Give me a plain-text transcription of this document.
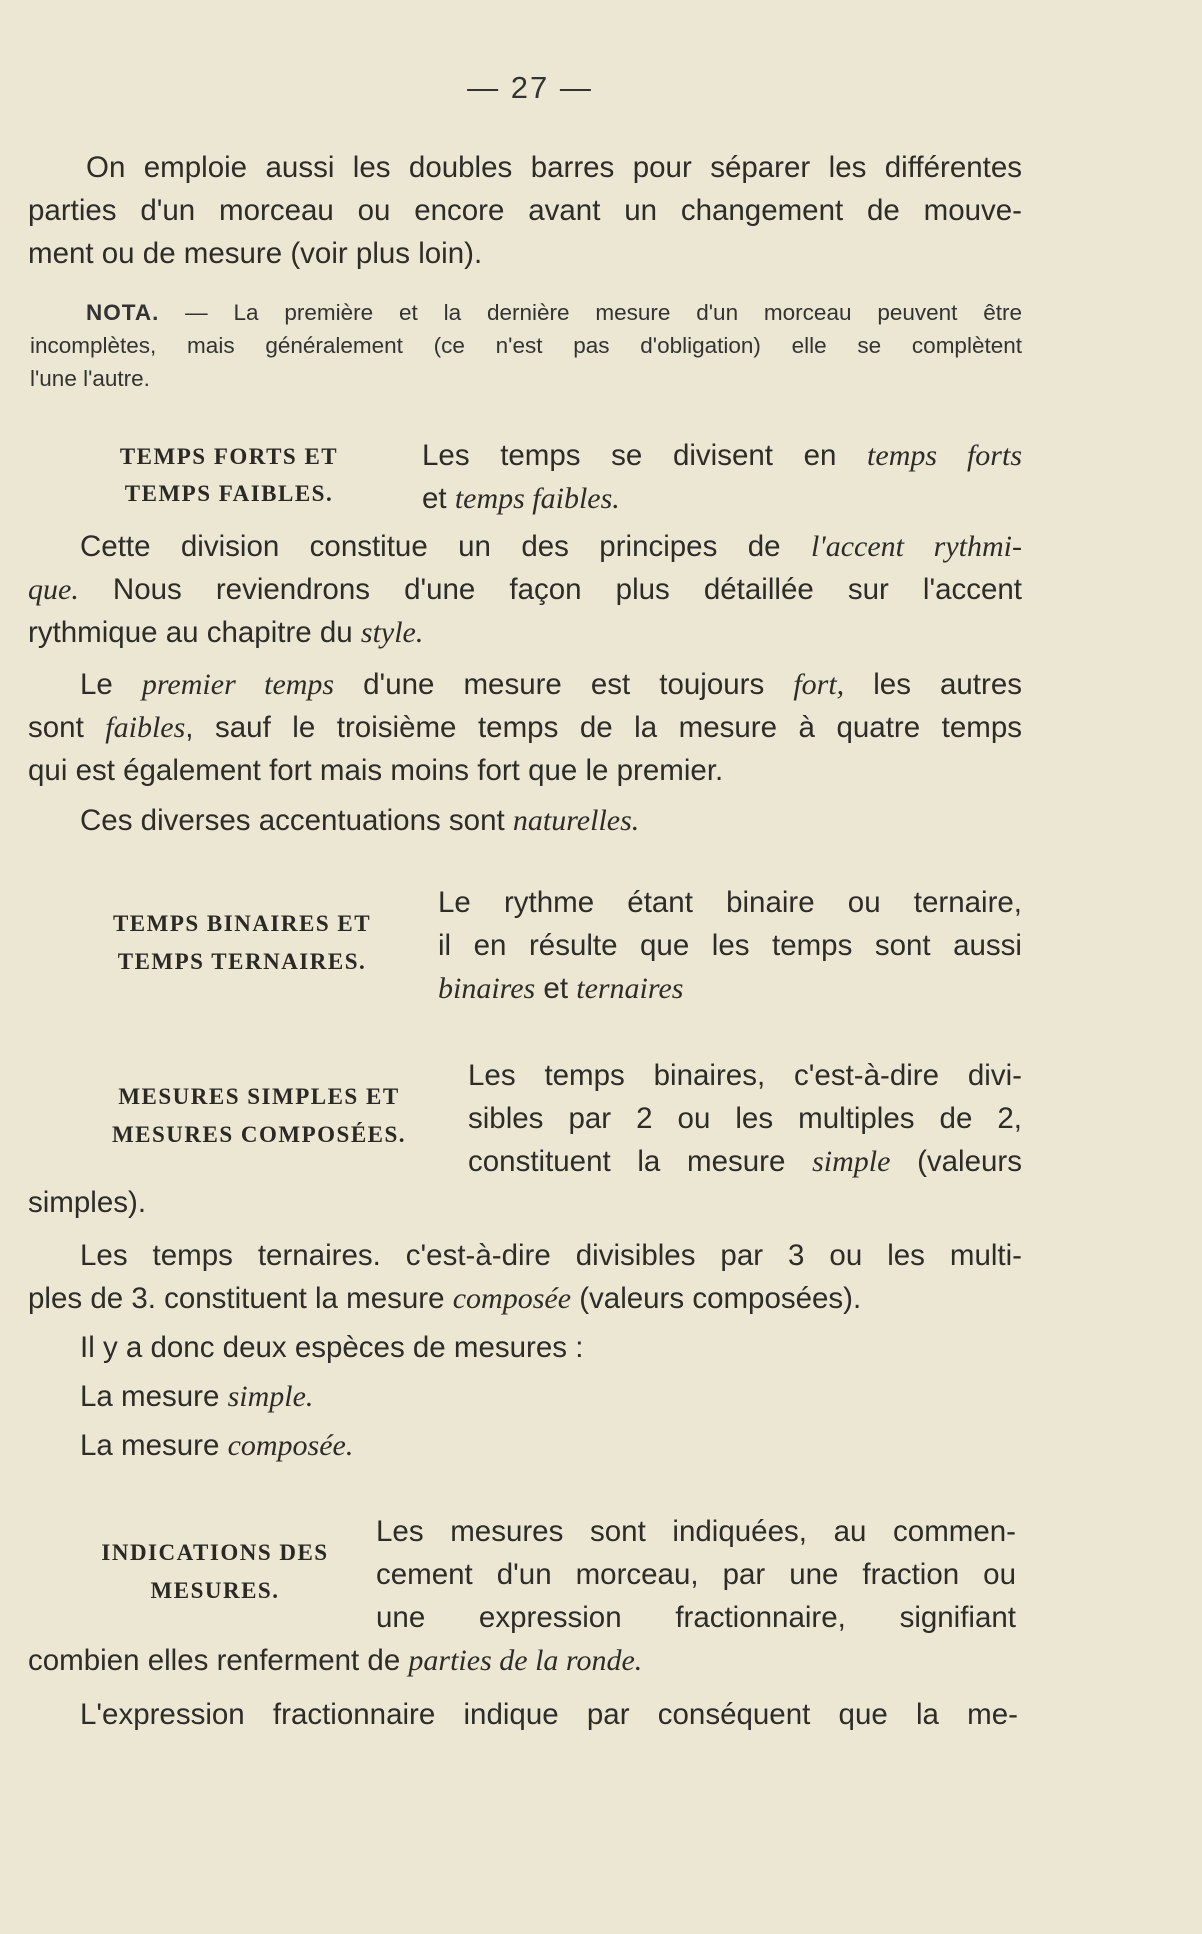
— 27 —
On emploie aussi les doubles barres pour séparer les différentes
parties d'un morceau ou encore avant un changement de mouve-
ment ou de mesure (voir plus loin).
NOTA. — La première et la dernière mesure d'un morceau peuvent être
incomplètes, mais généralement (ce n'est pas d'obligation) elle se complètent
l'une l'autre.
TEMPS FORTS ET
TEMPS FAIBLES.
Les temps se divisent en temps forts
et temps faibles.
Cette division constitue un des principes de l'accent rythmi-
que. Nous reviendrons d'une façon plus détaillée sur l'accent
rythmique au chapitre du style.
Le premier temps d'une mesure est toujours fort, les autres
sont faibles, sauf le troisième temps de la mesure à quatre temps
qui est également fort mais moins fort que le premier.
Ces diverses accentuations sont naturelles.
TEMPS BINAIRES ET
TEMPS TERNAIRES.
Le rythme étant binaire ou ternaire,
il en résulte que les temps sont aussi
binaires et ternaires
MESURES SIMPLES ET
MESURES COMPOSÉES.
Les temps binaires, c'est-à-dire divi-
sibles par 2 ou les multiples de 2,
constituent la mesure simple (valeurs
simples).
Les temps ternaires. c'est-à-dire divisibles par 3 ou les multi-
ples de 3. constituent la mesure composée (valeurs composées).
Il y a donc deux espèces de mesures :
La mesure simple.
La mesure composée.
INDICATIONS DES
MESURES.
Les mesures sont indiquées, au commen-
cement d'un morceau, par une fraction ou
une expression fractionnaire, signifiant
combien elles renferment de parties de la ronde.
L'expression fractionnaire indique par conséquent que la me-
